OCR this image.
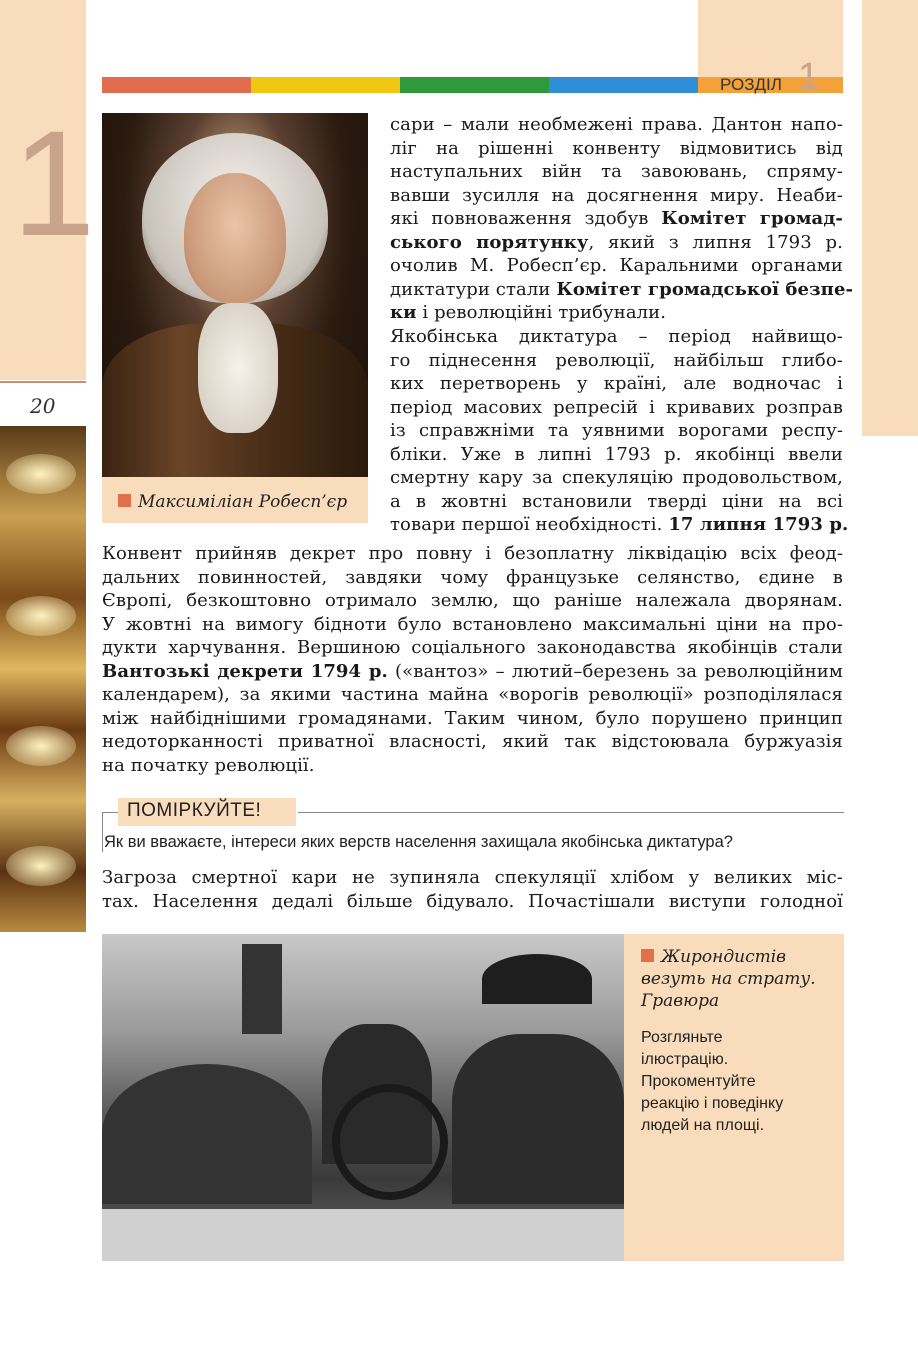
1
20
РОЗДІЛ 1
Максиміліан Робесп’єр
сари – мали необмежені права. Дантон напо-
ліг на рішенні конвенту відмовитись від
наступальних війн та завоювань, спряму-
вавши зусилля на досягнення миру. Неаби-
які повноваження здобув Комітет громад-
ського порятунку, який з липня 1793 р.
очолив М. Робесп’єр. Каральними органами
диктатури стали Комітет громадської безпе-
ки і революційні трибунали.
Якобінська диктатура – період найвищо-
го піднесення революції, найбільш глибо-
ких перетворень у країні, але водночас і
період масових репресій і кривавих розправ
із справжніми та уявними ворогами респу-
бліки. Уже в липні 1793 р. якобінці ввели
смертну кару за спекуляцію продовольством,
а в жовтні встановили тверді ціни на всі
товари першої необхідності. 17 липня 1793 р.
Конвент прийняв декрет про повну і безоплатну ліквідацію всіх феод-
дальних повинностей, завдяки чому французьке селянство, єдине в
Європі, безкоштовно отримало землю, що раніше належала дворянам.
У жовтні на вимогу бідноти було встановлено максимальні ціни на про-
дукти харчування. Вершиною соціального законодавства якобінців стали
Вантозькі декрети 1794 р. («вантоз» – лютий–березень за революційним
календарем), за якими частина майна «ворогів революції» розподілялася
між найбіднішими громадянами. Таким чином, було порушено принцип
недоторканності приватної власності, який так відстоювала буржуазія
на початку революції.
ПОМІРКУЙТЕ!
Як ви вважаєте, інтереси яких верств населення захищала якобінська диктатура?
Загроза смертної кари не зупиняла спекуляції хлібом у великих міс-
тах. Населення дедалі більше бідувало. Почастішали виступи голодної
Жирондистів
везуть на страту.
Гравюра
Розгляньте
ілюстрацію.
Прокоментуйте
реакцію і поведінку
людей на площі.
